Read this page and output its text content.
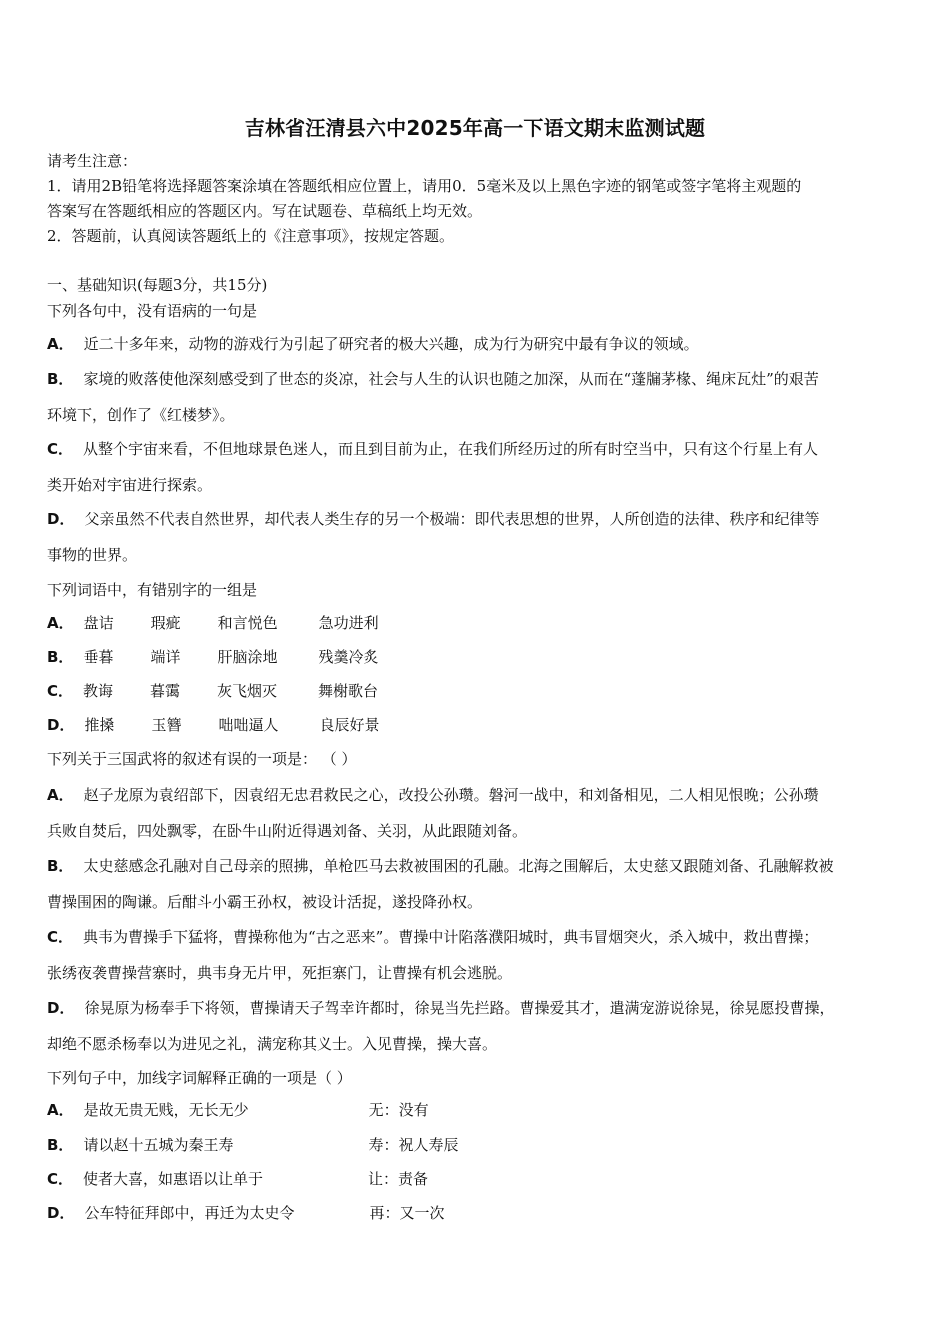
吉林省汪清县六中2025年高一下语文期末监测试题
请考生注意：
1．请用2B铅笔将选择题答案涂填在答题纸相应位置上，请用0．5毫米及以上黑色字迹的钢笔或签字笔将主观题的
答案写在答题纸相应的答题区内。写在试题卷、草稿纸上均无效。
2．答题前，认真阅读答题纸上的《注意事项》，按规定答题。
一、基础知识(每题3分，共15分)
下列各句中，没有语病的一句是
A． 近二十多年来，动物的游戏行为引起了研究者的极大兴趣，成为行为研究中最有争议的领域。
B． 家境的败落使他深刻感受到了世态的炎凉，社会与人生的认识也随之加深，从而在“蓬牖茅椽、绳床瓦灶”的艰苦
环境下，创作了《红楼梦》。
C． 从整个宇宙来看，不但地球景色迷人，而且到目前为止，在我们所经历过的所有时空当中，只有这个行星上有人
类开始对宇宙进行探索。
D． 父亲虽然不代表自然世界，却代表人类生存的另一个极端：即代表思想的世界，人所创造的法律、秩序和纪律等
事物的世界。
下列词语中，有错别字的一组是
A． 盘诘 瑕疵 和言悦色	急功进利
B． 垂暮 端详 肝脑涂地	残羹冷炙
C． 教诲 暮霭 灰飞烟灭	舞榭歌台
D． 推搡 玉簪 咄咄逼人	良辰好景
下列关于三国武将的叙述有误的一项是： （ ）
A． 赵子龙原为袁绍部下，因袁绍无忠君救民之心，改投公孙瓒。磐河一战中，和刘备相见，二人相见恨晚；公孙瓒
兵败自焚后，四处飘零，在卧牛山附近得遇刘备、关羽，从此跟随刘备。
B． 太史慈感念孔融对自己母亲的照拂，单枪匹马去救被围困的孔融。北海之围解后，太史慈又跟随刘备、孔融解救被
曹操围困的陶谦。后酣斗小霸王孙权，被设计活捉，遂投降孙权。
C． 典韦为曹操手下猛将，曹操称他为“古之恶来”。曹操中计陷落濮阳城时，典韦冒烟突火，杀入城中，救出曹操；
张绣夜袭曹操营寨时，典韦身无片甲，死拒寨门，让曹操有机会逃脱。
D． 徐晃原为杨奉手下将领，曹操请天子驾幸许都时，徐晃当先拦路。曹操爱其才，遣满宠游说徐晃，徐晃愿投曹操，
却绝不愿杀杨奉以为进见之礼，满宠称其义士。入见曹操，操大喜。
下列句子中，加线字词解释正确的一项是（ ）
A． 是故无贵无贱，无长无少	无：没有
B． 请以赵十五城为秦王寿	寿：祝人寿辰
C． 使者大喜，如惠语以让单于	让：责备
D． 公车特征拜郎中，再迁为太史令	再：又一次
